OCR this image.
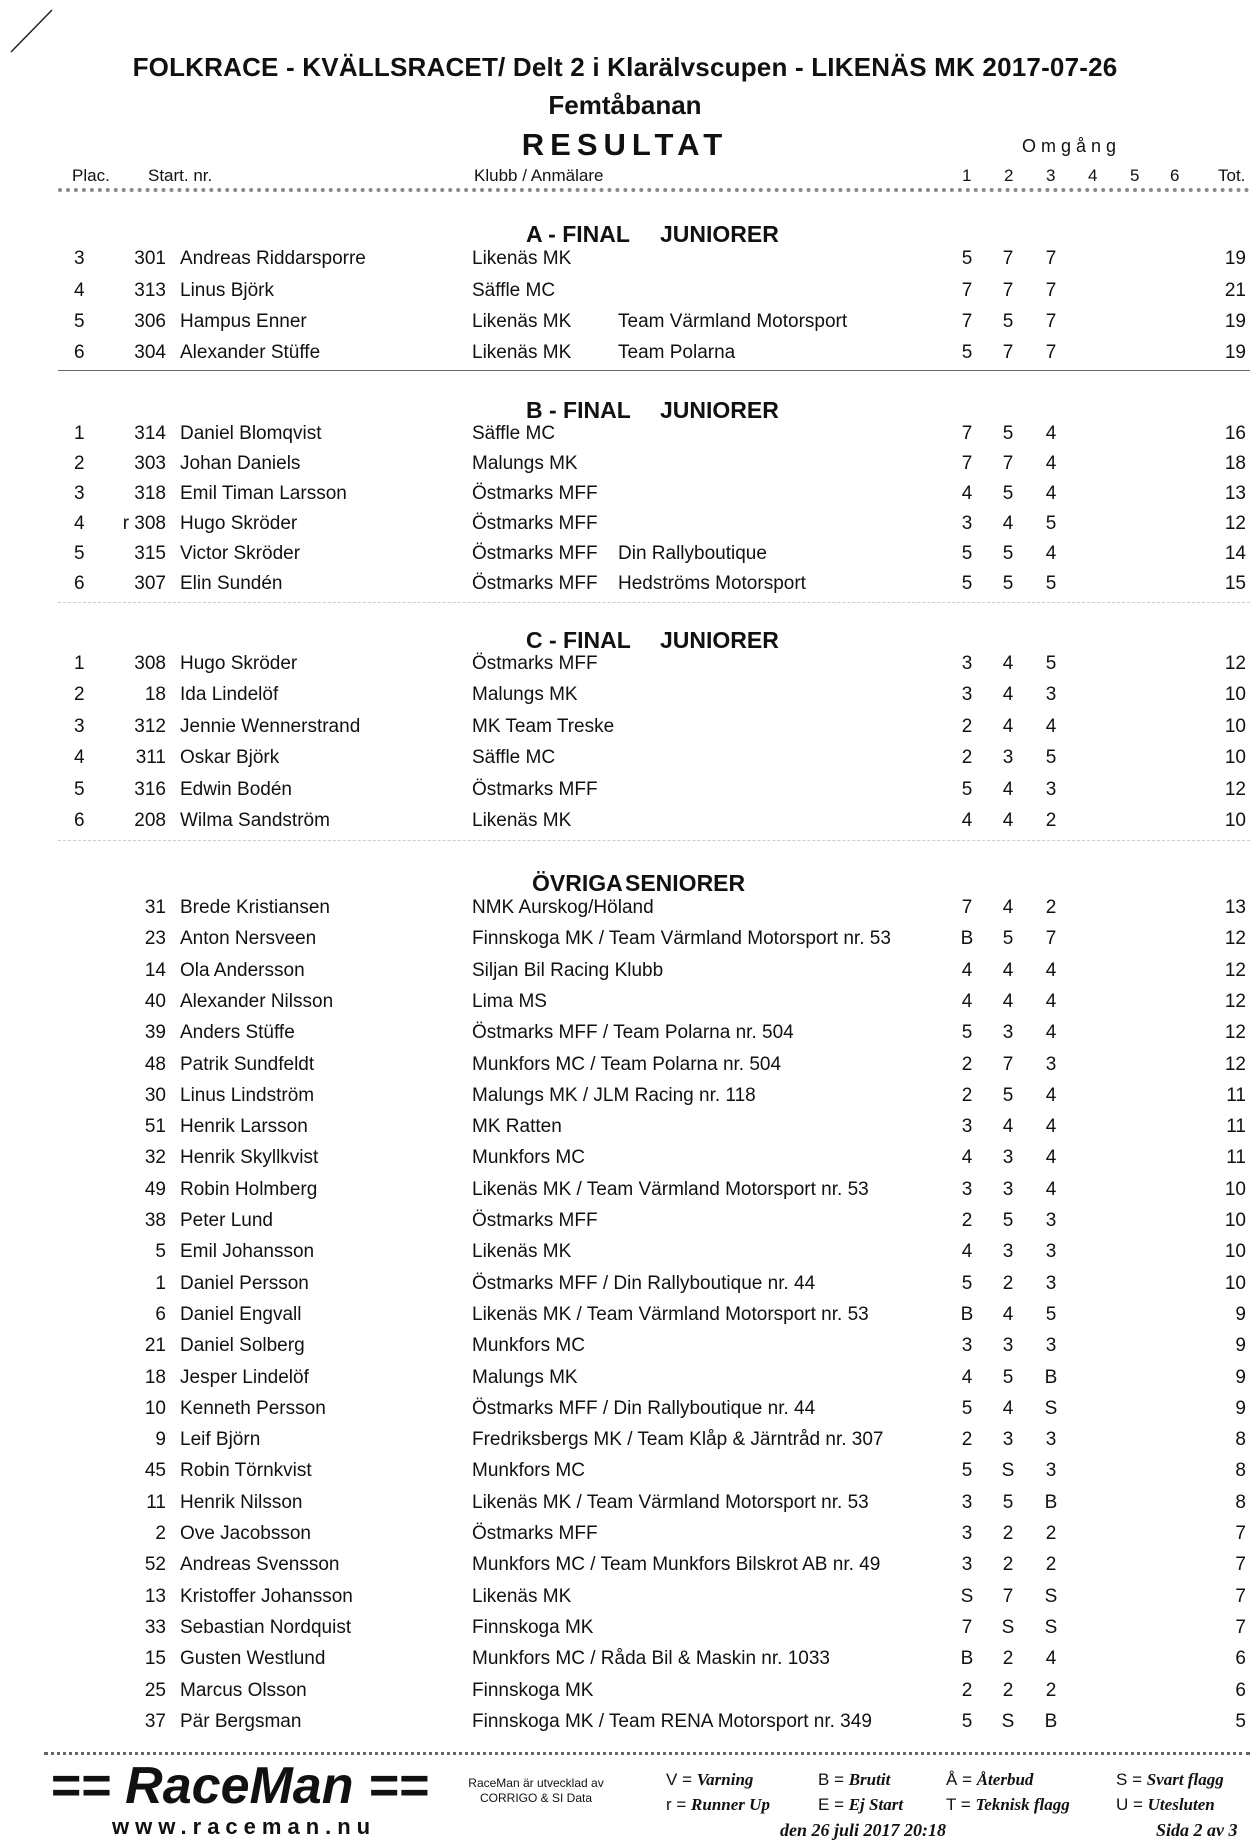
FOLKRACE - KVÄLLSRACET/ Delt 2 i Klarälvscupen - LIKENÄS MK 2017-07-26
Femtåbanan
RESULTAT	Omgång
Plac. Start. nr.	Klubb / Anmälare	1 2 3 4 5 6 Tot.
A - FINAL JUNIORER
3	301 Andreas Riddarsporre	Likenäs MK	5	7	7	19
4	313 Linus Björk	Säffle MC	7	7	7	21
5	306 Hampus Enner	Likenäs MK Team Värmland Motorsport	7	5	7	19
6	304 Alexander Stüffe	Likenäs MK Team Polarna	5	7	7	19
B - FINAL JUNIORER
1	314 Daniel Blomqvist	Säffle MC	7	5	4	16
2	303 Johan Daniels	Malungs MK	7	7	4	18
3	318 Emil Timan Larsson	Östmarks MFF	4	5	4	13
4	r 308 Hugo Skröder	Östmarks MFF	3	4	5	12
5	315 Victor Skröder	Östmarks MFF Din Rallyboutique	5	5	4	14
6	307 Elin Sundén	Östmarks MFF Hedströms Motorsport	5	5	5	15
C - FINAL JUNIORER
1	308 Hugo Skröder	Östmarks MFF	3	4	5	12
2	18 Ida Lindelöf	Malungs MK	3	4	3	10
3	312 Jennie Wennerstrand	MK Team Treske	2	4	4	10
4	311 Oskar Björk	Säffle MC	2	3	5	10
5	316 Edwin Bodén	Östmarks MFF	5	4	3	12
6	208 Wilma Sandström	Likenäs MK	4	4	2	10
ÖVRIGA SENIORER
31 Brede Kristiansen	NMK Aurskog/Höland	7	4	2	13
23 Anton Nersveen	Finnskoga MK / Team Värmland Motorsport nr. 53	B	5	7	12
14 Ola Andersson	Siljan Bil Racing Klubb	4	4	4	12
40 Alexander Nilsson	Lima MS	4	4	4	12
39 Anders Stüffe	Östmarks MFF / Team Polarna nr. 504	5	3	4	12
48 Patrik Sundfeldt	Munkfors MC / Team Polarna nr. 504	2	7	3	12
30 Linus Lindström	Malungs MK / JLM Racing nr. 118	2	5	4	11
51 Henrik Larsson	MK Ratten	3	4	4	11
32 Henrik Skyllkvist	Munkfors MC	4	3	4	11
49 Robin Holmberg	Likenäs MK / Team Värmland Motorsport nr. 53	3	3	4	10
38 Peter Lund	Östmarks MFF	2	5	3	10
5 Emil Johansson	Likenäs MK	4	3	3	10
1 Daniel Persson	Östmarks MFF / Din Rallyboutique nr. 44	5	2	3	10
6 Daniel Engvall	Likenäs MK / Team Värmland Motorsport nr. 53	B	4	5	9
21 Daniel Solberg	Munkfors MC	3	3	3	9
18 Jesper Lindelöf	Malungs MK	4	5	B	9
10 Kenneth Persson	Östmarks MFF / Din Rallyboutique nr. 44	5	4	S	9
9 Leif Björn	Fredriksbergs MK / Team Klåp & Järntråd nr. 307	2	3	3	8
45 Robin Törnkvist	Munkfors MC	5	S	3	8
11 Henrik Nilsson	Likenäs MK / Team Värmland Motorsport nr. 53	3	5	B	8
2 Ove Jacobsson	Östmarks MFF	3	2	2	7
52 Andreas Svensson	Munkfors MC / Team Munkfors Bilskrot AB nr. 49	3	2	2	7
13 Kristoffer Johansson	Likenäs MK	S	7	S	7
33 Sebastian Nordquist	Finnskoga MK	7	S	S	7
15 Gusten Westlund	Munkfors MC / Råda Bil & Maskin nr. 1033	B	2	4	6
25 Marcus Olsson	Finnskoga MK	2	2	2	6
37 Pär Bergsman	Finnskoga MK / Team RENA Motorsport nr. 349	5	S	B	5
== RaceMan ==
www.raceman.nu
RaceMan är utvecklad av
CORRIGO & SI Data
V = Varning
r = Runner Up
B = Brutit
E = Ej Start
Å = Återbud
T = Teknisk flagg
S = Svart flagg
U = Utesluten
den 26 juli 2017 20:18	Sida 2 av 3
